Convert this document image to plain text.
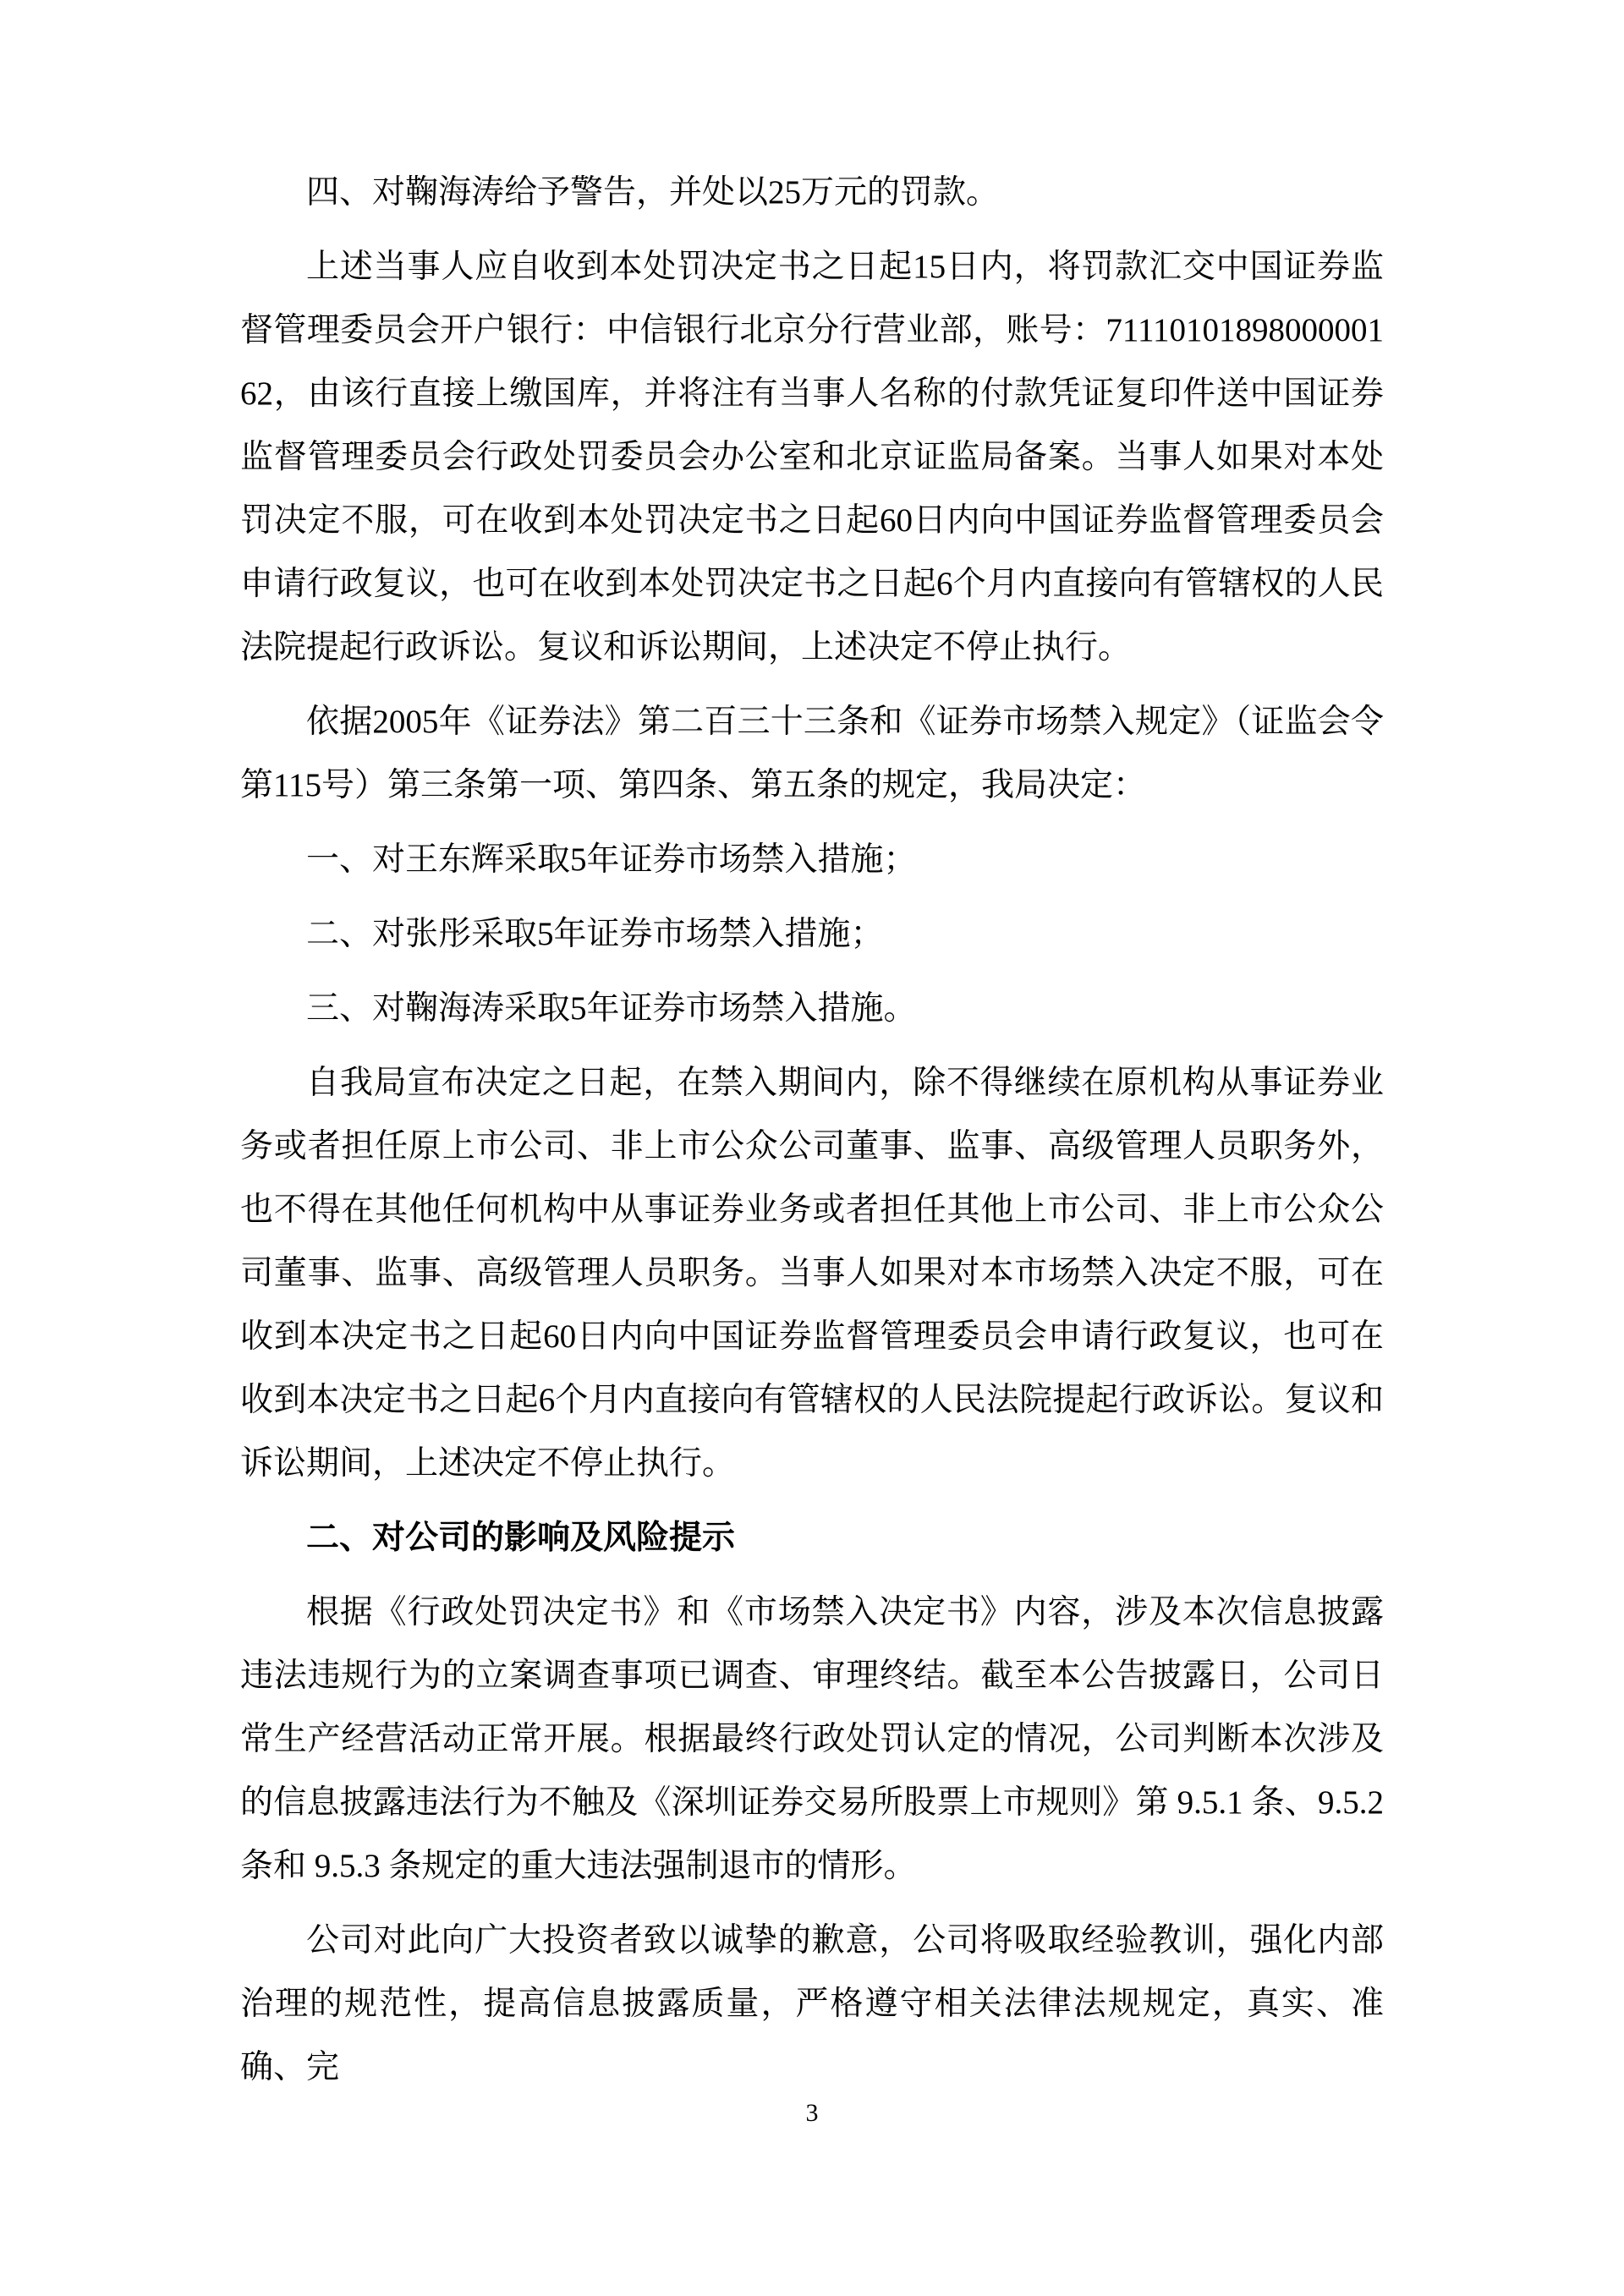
四、对鞠海涛给予警告，并处以25万元的罚款。

上述当事人应自收到本处罚决定书之日起15日内，将罚款汇交中国证券监督管理委员会开户银行：中信银行北京分行营业部，账号：7111010189800000162，由该行直接上缴国库，并将注有当事人名称的付款凭证复印件送中国证券监督管理委员会行政处罚委员会办公室和北京证监局备案。当事人如果对本处罚决定不服，可在收到本处罚决定书之日起60日内向中国证券监督管理委员会申请行政复议，也可在收到本处罚决定书之日起6个月内直接向有管辖权的人民法院提起行政诉讼。复议和诉讼期间，上述决定不停止执行。

依据2005年《证券法》第二百三十三条和《证券市场禁入规定》（证监会令第115号）第三条第一项、第四条、第五条的规定，我局决定：

一、对王东辉采取5年证券市场禁入措施；

二、对张彤采取5年证券市场禁入措施；

三、对鞠海涛采取5年证券市场禁入措施。

自我局宣布决定之日起，在禁入期间内，除不得继续在原机构从事证券业务或者担任原上市公司、非上市公众公司董事、监事、高级管理人员职务外，也不得在其他任何机构中从事证券业务或者担任其他上市公司、非上市公众公司董事、监事、高级管理人员职务。当事人如果对本市场禁入决定不服，可在收到本决定书之日起60日内向中国证券监督管理委员会申请行政复议，也可在收到本决定书之日起6个月内直接向有管辖权的人民法院提起行政诉讼。复议和诉讼期间，上述决定不停止执行。

二、对公司的影响及风险提示

根据《行政处罚决定书》和《市场禁入决定书》内容，涉及本次信息披露违法违规行为的立案调查事项已调查、审理终结。截至本公告披露日，公司日常生产经营活动正常开展。根据最终行政处罚认定的情况，公司判断本次涉及的信息披露违法行为不触及《深圳证券交易所股票上市规则》第 9.5.1 条、9.5.2 条和 9.5.3 条规定的重大违法强制退市的情形。

公司对此向广大投资者致以诚挚的歉意，公司将吸取经验教训，强化内部治理的规范性，提高信息披露质量，严格遵守相关法律法规规定，真实、准确、完

3
